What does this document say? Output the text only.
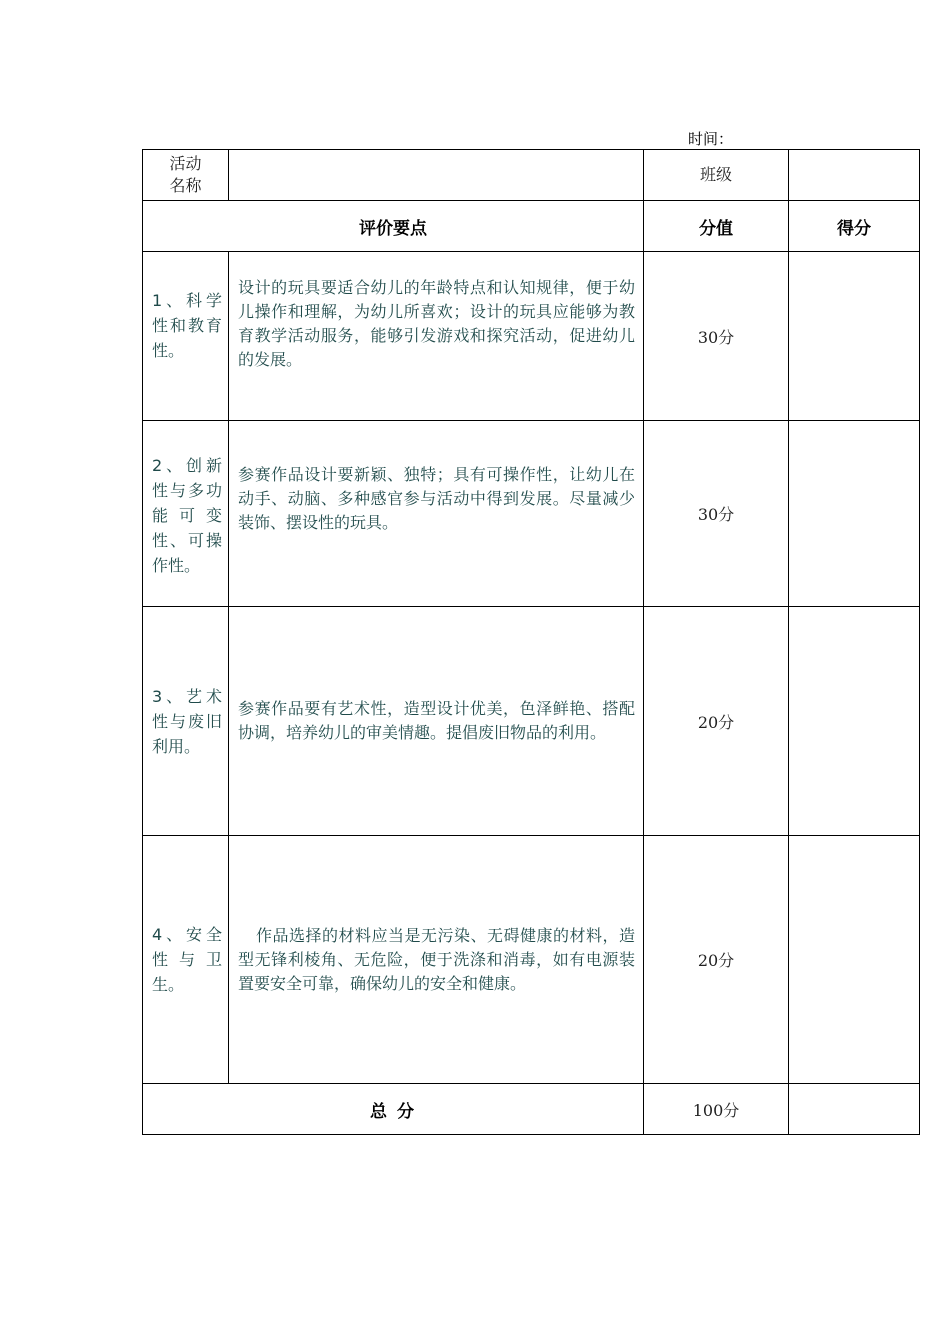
时间：
活动名称		班级	
评价要点		分值	得分

1、科学性和教育性。	设计的玩具要适合幼儿的年龄特点和认知规律，便于幼儿操作和理解，为幼儿所喜欢；设计的玩具应能够为教育教学活动服务，能够引发游戏和探究活动，促进幼儿的发展。	30分	

2、创新性与多功能可变性、可操作性。	参赛作品设计要新颖、独特；具有可操作性，让幼儿在动手、动脑、多种感官参与活动中得到发展。尽量减少装饰、摆设性的玩具。	30分	

3、艺术性与废旧利用。	参赛作品要有艺术性，造型设计优美，色泽鲜艳、搭配协调，培养幼儿的审美情趣。提倡废旧物品的利用。	20分	

4、安全性与卫生。	作品选择的材料应当是无污染、无碍健康的材料，造型无锋利棱角、无危险，便于洗涤和消毒，如有电源装置要安全可靠，确保幼儿的安全和健康。	20分	
总 分		100分	
